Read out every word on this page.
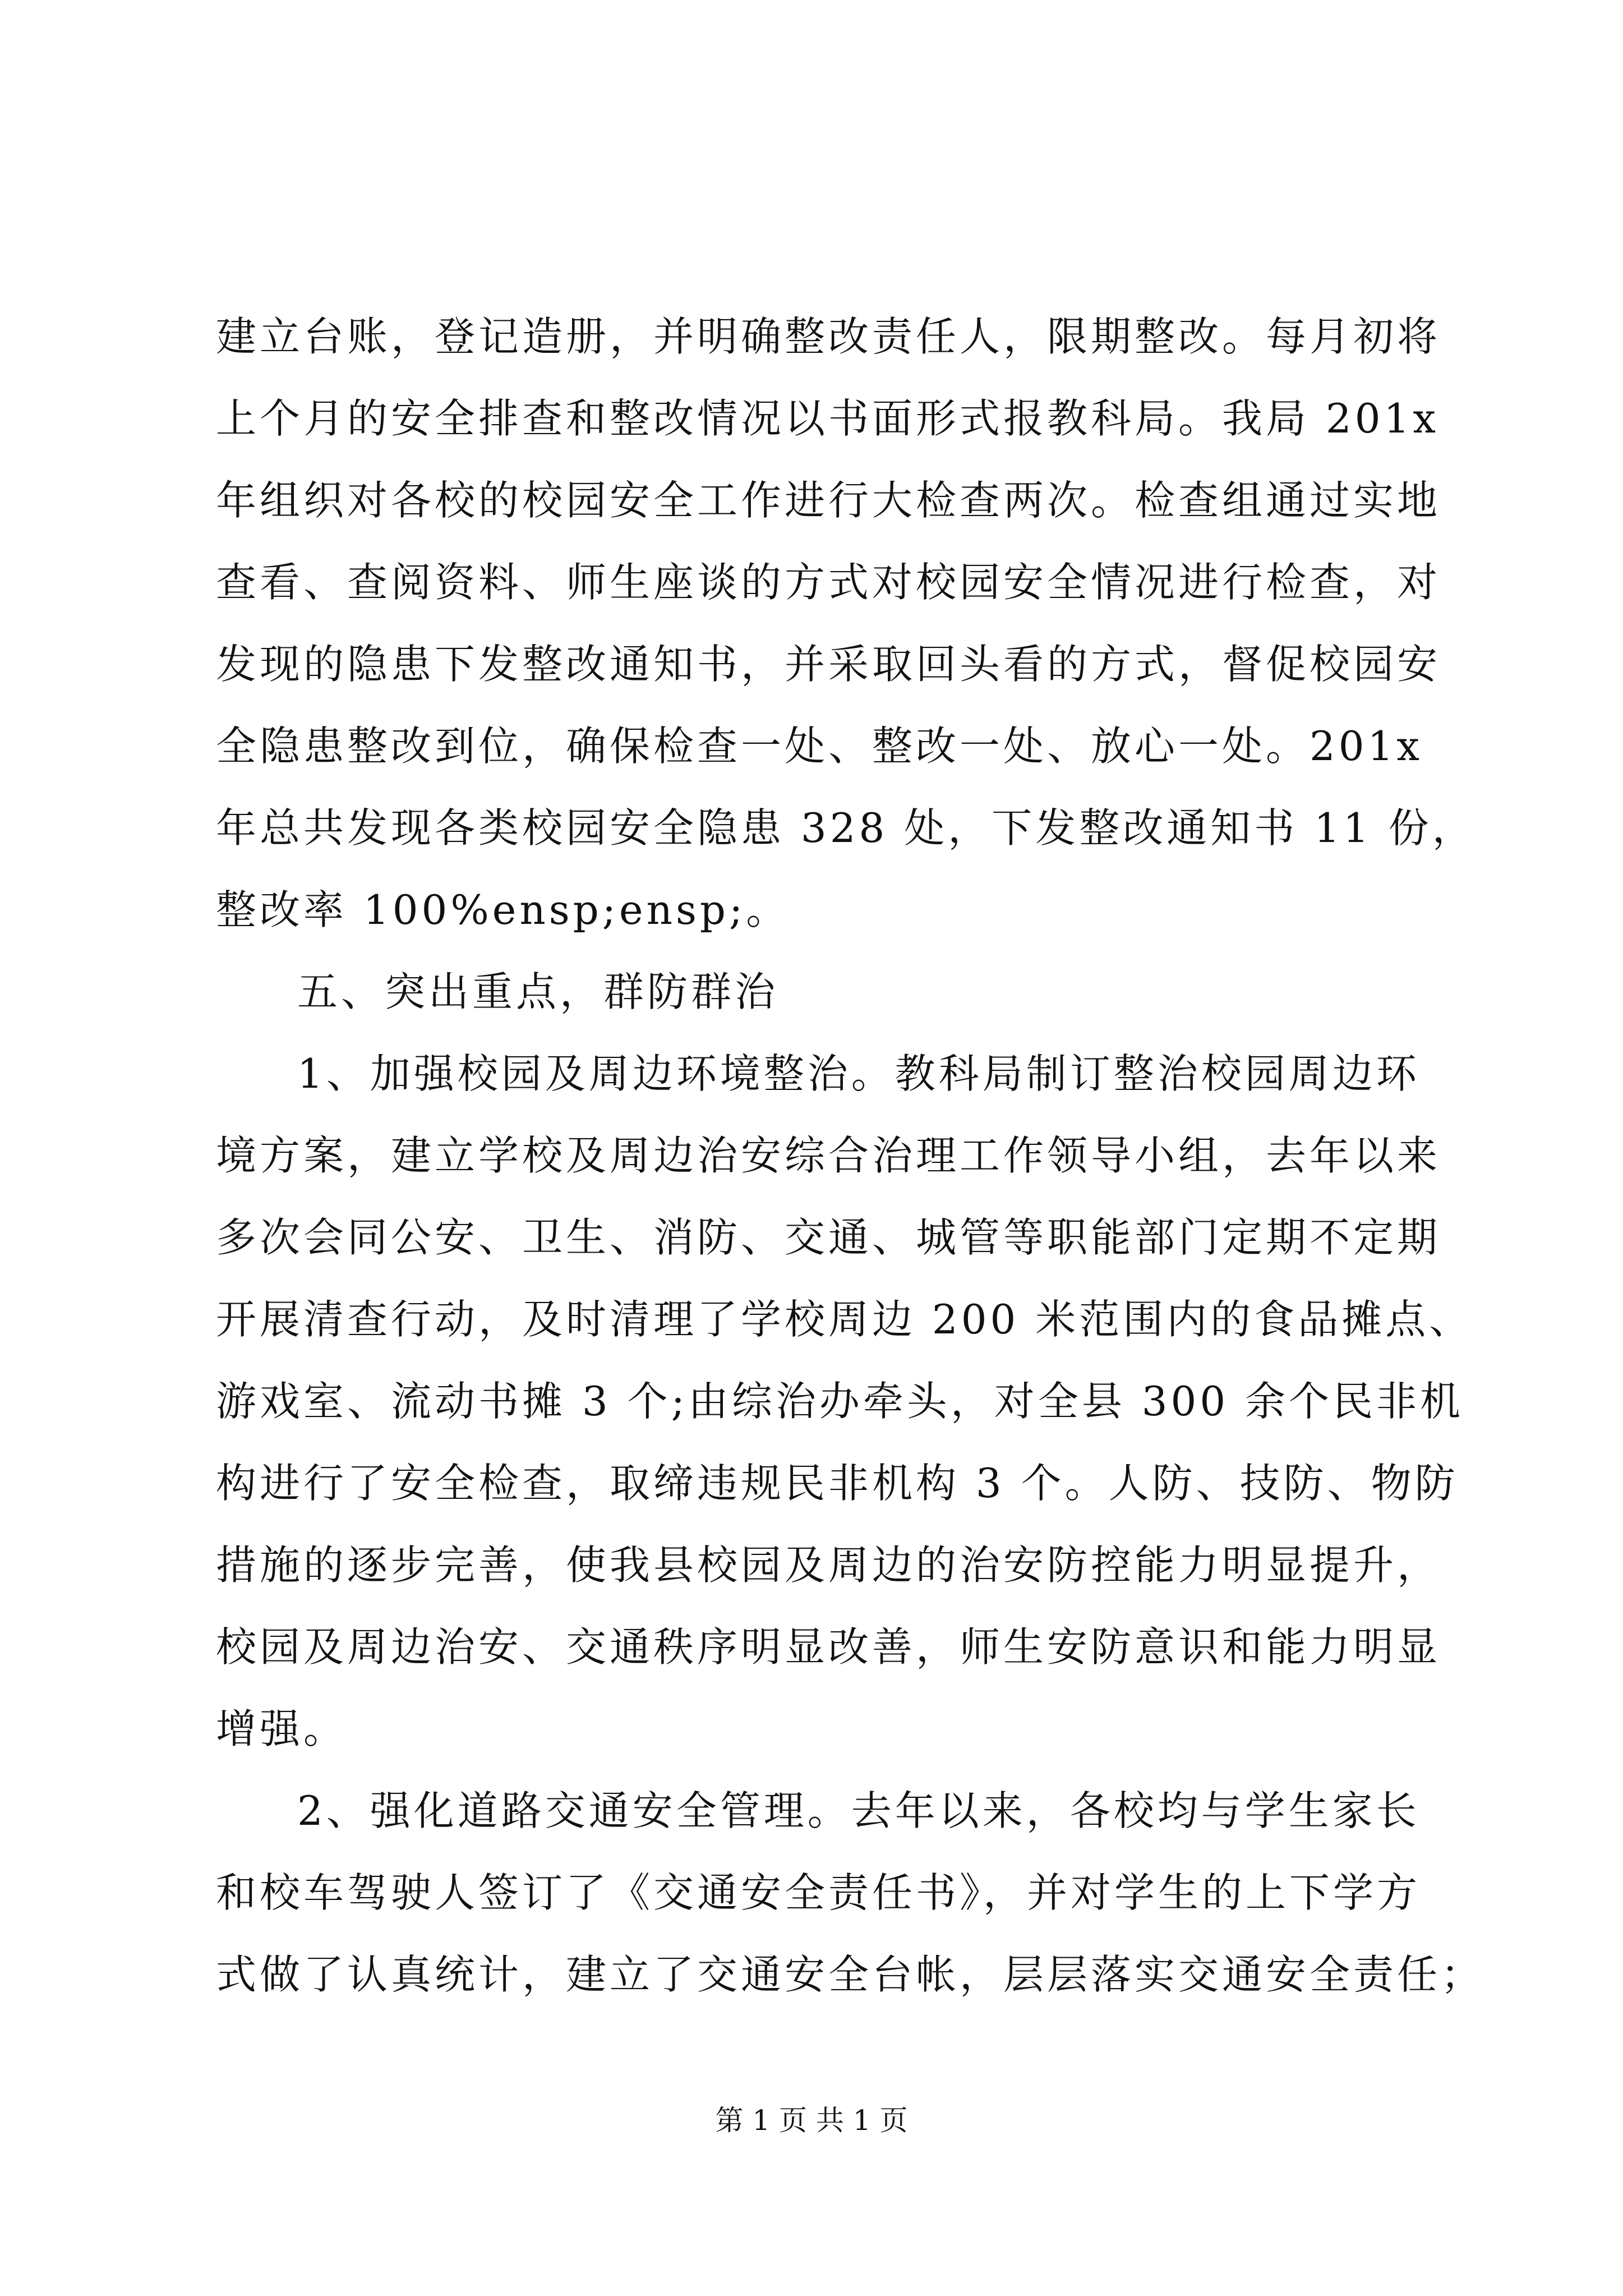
建立台账，登记造册，并明确整改责任人，限期整改。每月初将
上个月的安全排查和整改情况以书面形式报教科局。我局 201x
年组织对各校的校园安全工作进行大检查两次。检查组通过实地
查看、查阅资料、师生座谈的方式对校园安全情况进行检查，对
发现的隐患下发整改通知书，并采取回头看的方式，督促校园安
全隐患整改到位，确保检查一处、整改一处、放心一处。201x
年总共发现各类校园安全隐患 328 处，下发整改通知书 11 份，
整改率 100%ensp;ensp;。
五、突出重点，群防群治
1、加强校园及周边环境整治。教科局制订整治校园周边环
境方案，建立学校及周边治安综合治理工作领导小组，去年以来
多次会同公安、卫生、消防、交通、城管等职能部门定期不定期
开展清查行动，及时清理了学校周边 200 米范围内的食品摊点、
游戏室、流动书摊 3 个;由综治办牵头，对全县 300 余个民非机
构进行了安全检查，取缔违规民非机构 3 个。人防、技防、物防
措施的逐步完善，使我县校园及周边的治安防控能力明显提升，
校园及周边治安、交通秩序明显改善，师生安防意识和能力明显
增强。
2、强化道路交通安全管理。去年以来，各校均与学生家长
和校车驾驶人签订了《交通安全责任书》，并对学生的上下学方
式做了认真统计，建立了交通安全台帐，层层落实交通安全责任；
第 1 页 共 1 页
